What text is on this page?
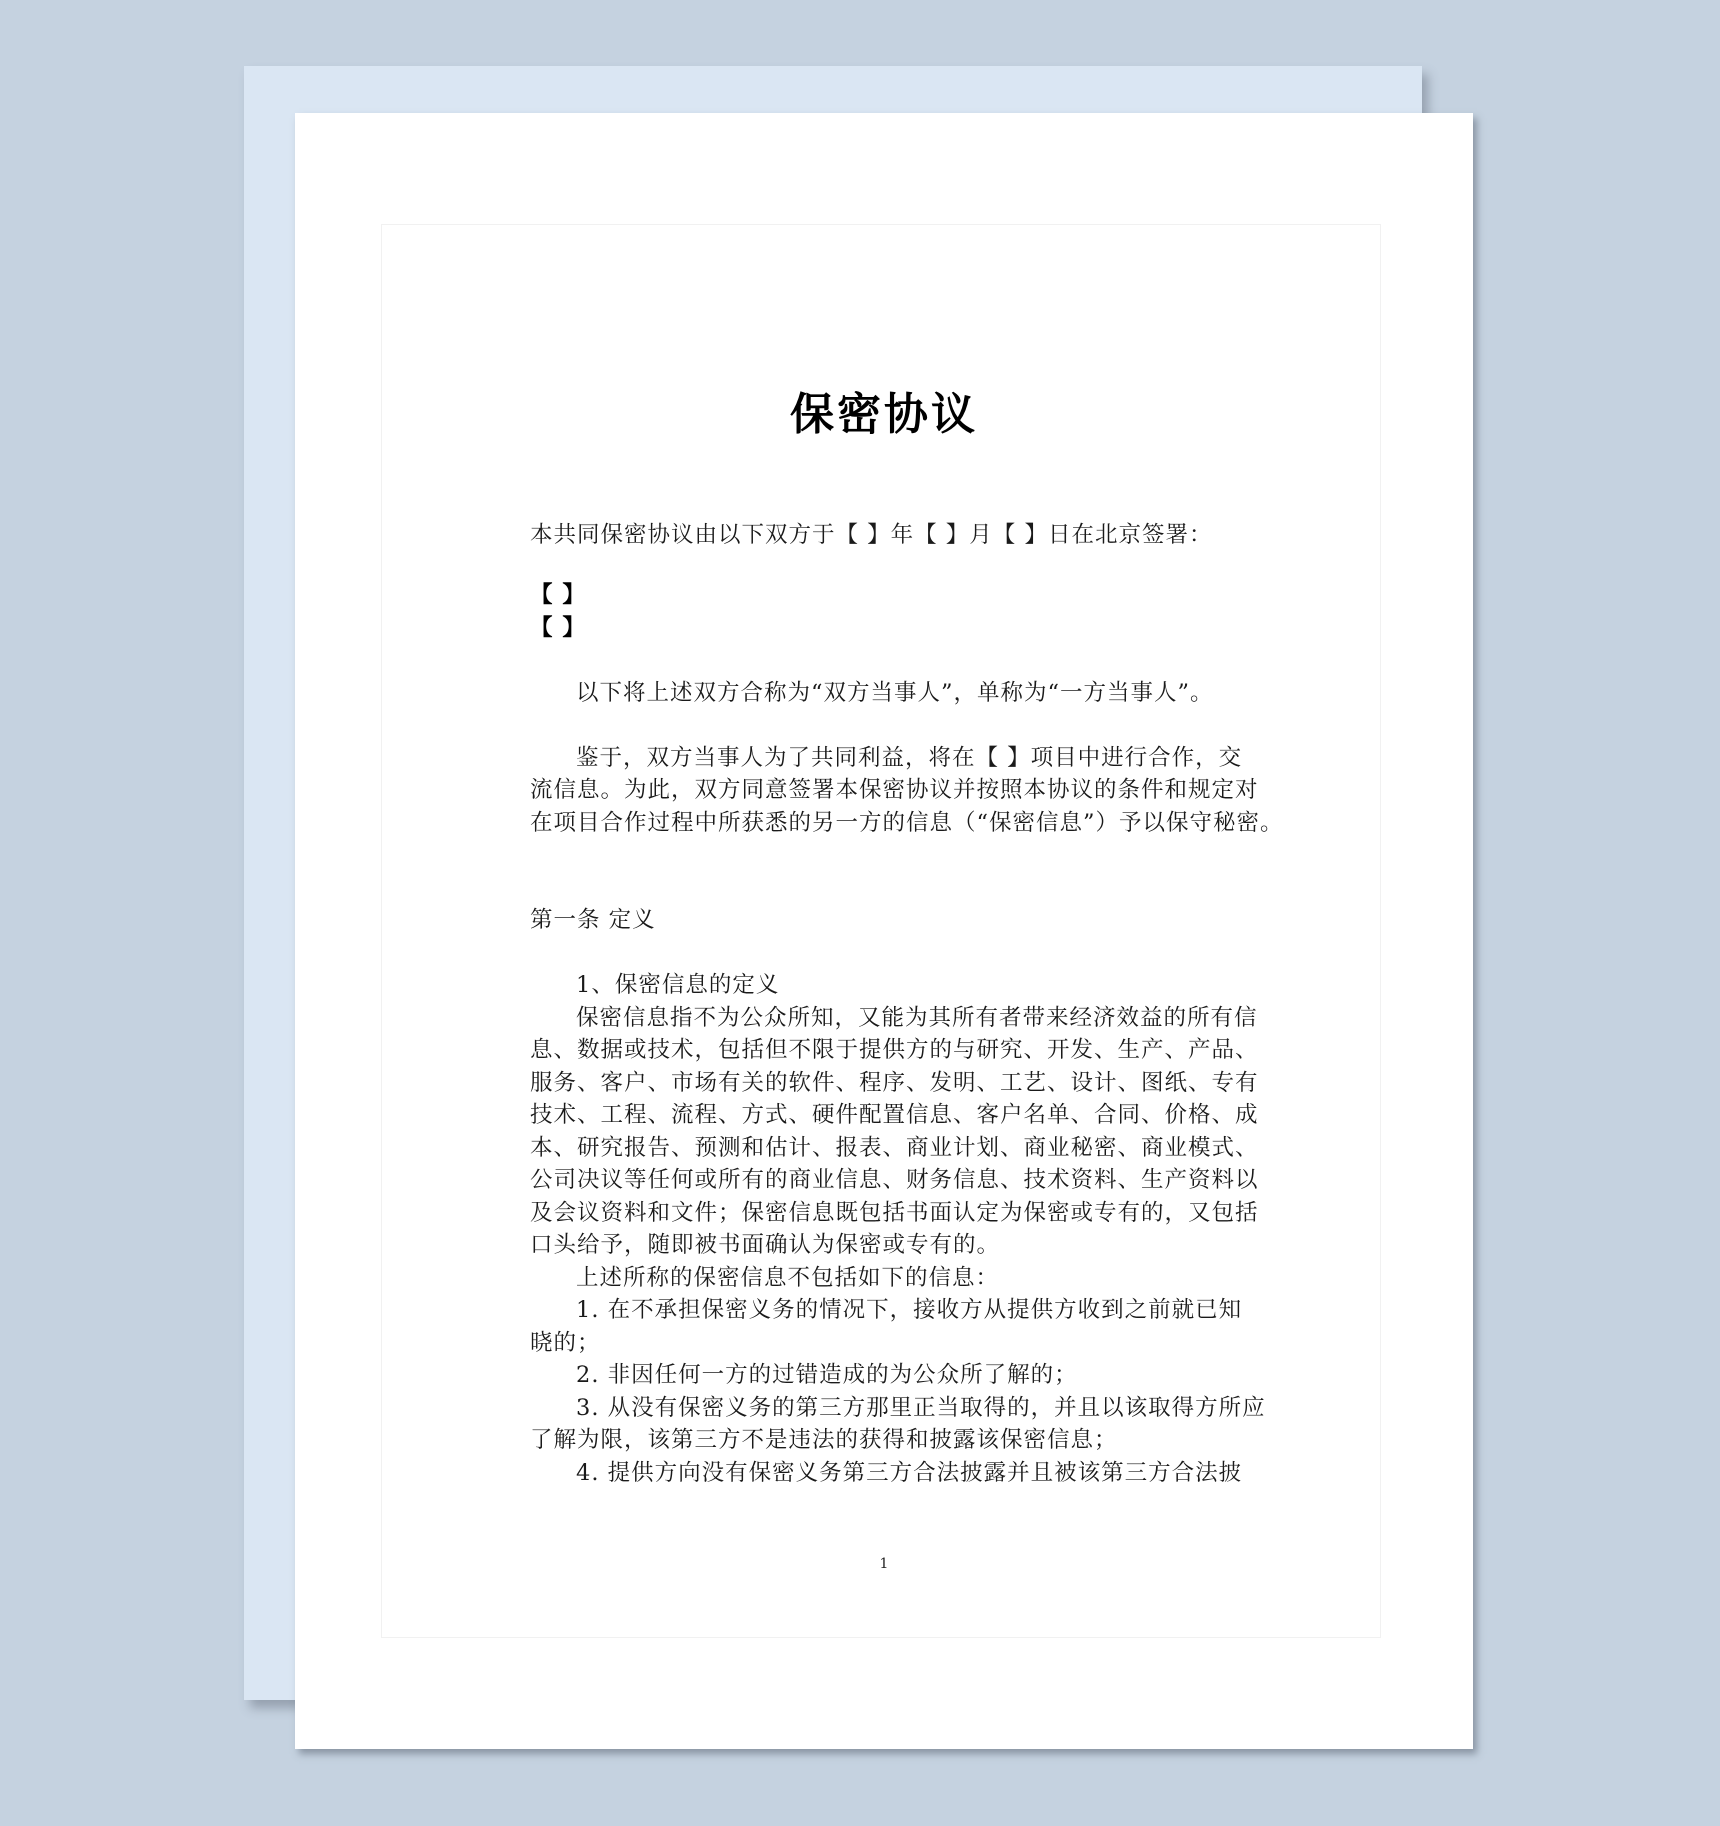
保密协议
本共同保密协议由以下双方于【 】年【 】月【 】日在北京签署：
【 】
【 】
以下将上述双方合称为“双方当事人”，单称为“一方当事人”。
鉴于，双方当事人为了共同利益，将在【 】项目中进行合作，交
流信息。为此，双方同意签署本保密协议并按照本协议的条件和规定对
在项目合作过程中所获悉的另一方的信息（“保密信息”）予以保守秘密。
第一条 定义
1、保密信息的定义
保密信息指不为公众所知，又能为其所有者带来经济效益的所有信
息、数据或技术，包括但不限于提供方的与研究、开发、生产、产品、
服务、客户、市场有关的软件、程序、发明、工艺、设计、图纸、专有
技术、工程、流程、方式、硬件配置信息、客户名单、合同、价格、成
本、研究报告、预测和估计、报表、商业计划、商业秘密、商业模式、
公司决议等任何或所有的商业信息、财务信息、技术资料、生产资料以
及会议资料和文件；保密信息既包括书面认定为保密或专有的，又包括
口头给予，随即被书面确认为保密或专有的。
上述所称的保密信息不包括如下的信息：
1. 在不承担保密义务的情况下，接收方从提供方收到之前就已知
晓的；
2. 非因任何一方的过错造成的为公众所了解的；
3. 从没有保密义务的第三方那里正当取得的，并且以该取得方所应
了解为限，该第三方不是违法的获得和披露该保密信息；
4. 提供方向没有保密义务第三方合法披露并且被该第三方合法披
1
